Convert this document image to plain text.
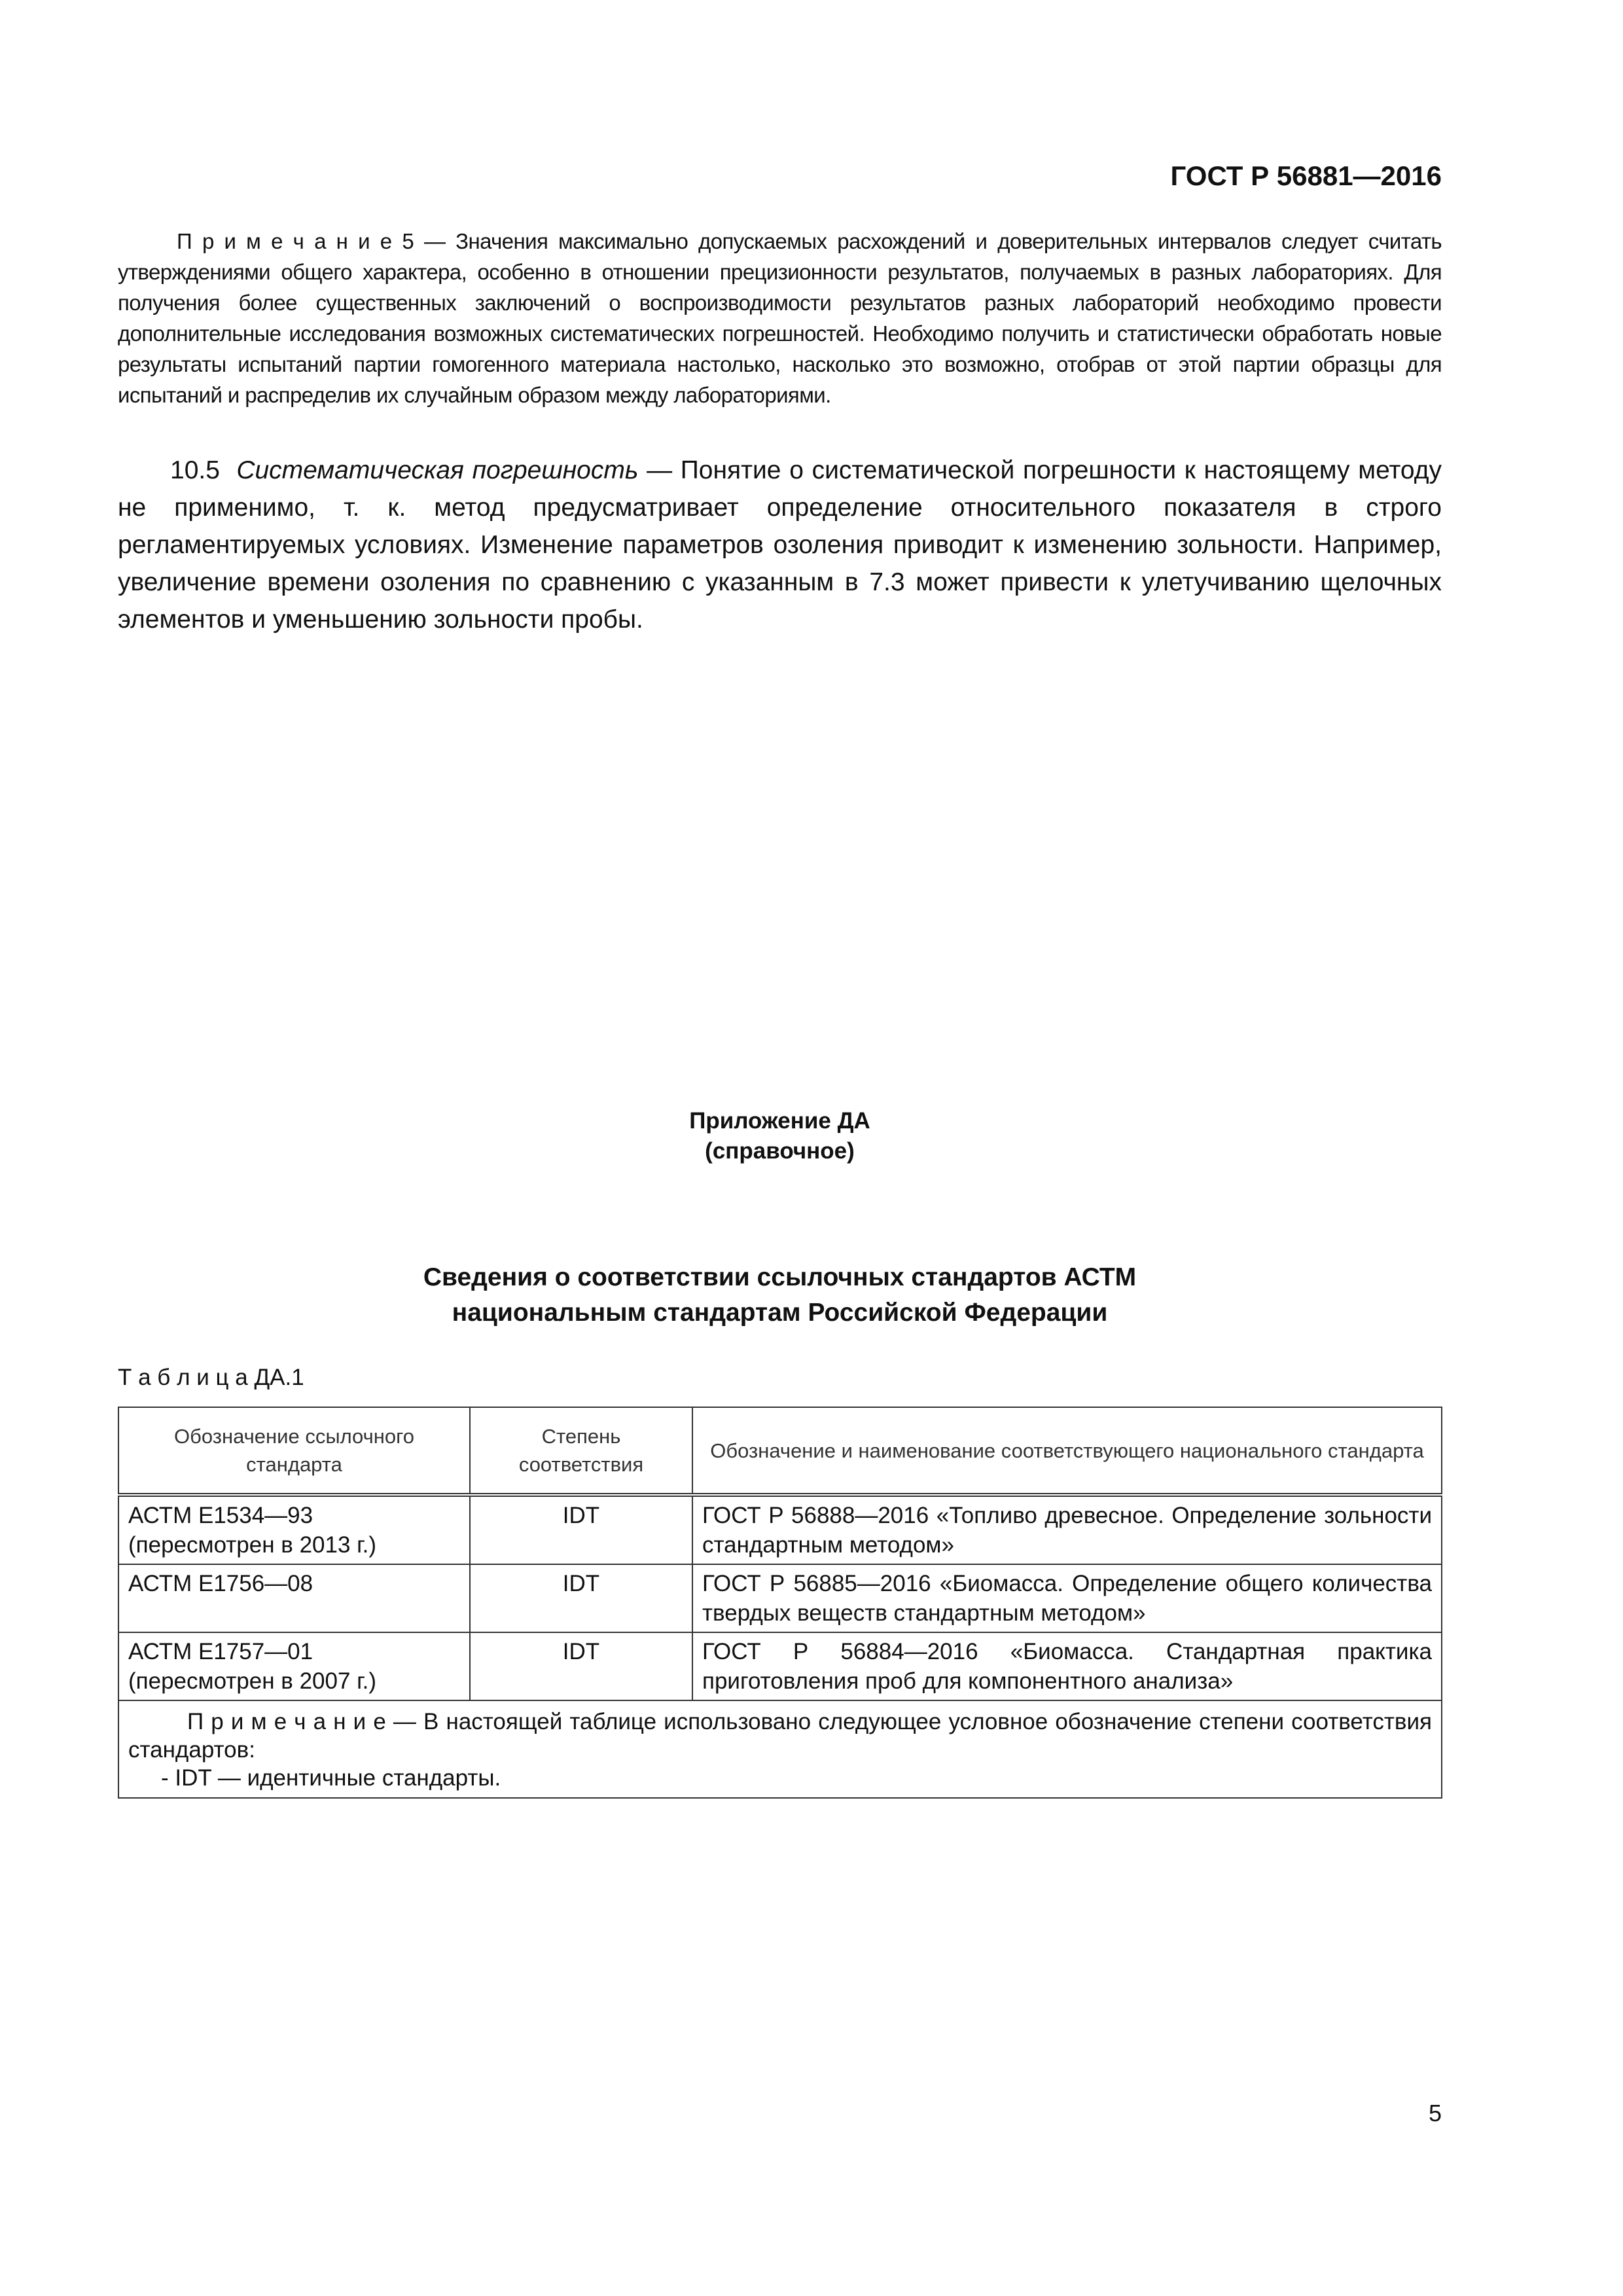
ГОСТ Р 56881—2016

П р и м е ч а н и е 5 — Значения максимально допускаемых расхождений и доверительных интервалов следует считать утверждениями общего характера, особенно в отношении прецизионности результатов, получаемых в разных лабораториях. Для получения более существенных заключений о воспроизводимости результатов разных лабораторий необходимо провести дополнительные исследования возможных систематических погрешностей. Необходимо получить и статистически обработать новые результаты испытаний партии гомогенного материала настолько, насколько это возможно, отобрав от этой партии образцы для испытаний и распределив их случайным образом между лабораториями.

10.5 Систематическая погрешность — Понятие о систематической погрешности к настоящему методу не применимо, т. к. метод предусматривает определение относительного показателя в строго регламентируемых условиях. Изменение параметров озоления приводит к изменению зольности. Например, увеличение времени озоления по сравнению с указанным в 7.3 может привести к улетучиванию щелочных элементов и уменьшению зольности пробы.

Приложение ДА
(справочное)
Сведения о соответствии ссылочных стандартов АСТМ
национальным стандартам Российской Федерации
Т а б л и ц а ДА.1
Обозначение ссылочного стандарта	Степень соответствия	Обозначение и наименование соответствующего национального стандарта

АСТМ E1534—93
(пересмотрен в 2013 г.)	IDT	ГОСТ Р 56888—2016 «Топливо древесное. Определение зольности стандартным методом»

АСТМ E1756—08	IDT	ГОСТ Р 56885—2016 «Биомасса. Определение общего количества твердых веществ стандартным методом»

АСТМ E1757—01
(пересмотрен в 2007 г.)	IDT	ГОСТ Р 56884—2016 «Биомасса. Стандартная практика приготовления проб для компонентного анализа»

П р и м е ч а н и е — В настоящей таблице использовано следующее условное обозначение степени соответствия стандартов:
- IDT — идентичные стандарты.		
5
